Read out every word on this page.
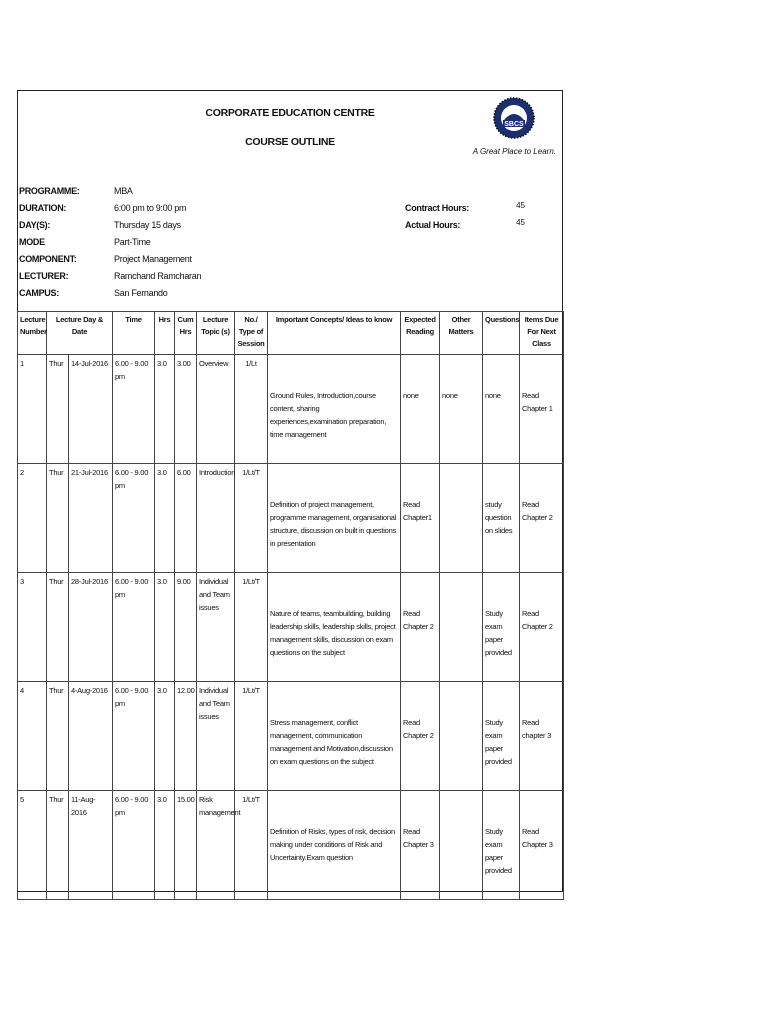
CORPORATE EDUCATION CENTRE
COURSE OUTLINE
SBCS
A Great Place to Learn.
PROGRAMME:	MBA
DURATION:	6:00 pm to 9:00 pm
DAY(S):	Thursday 15 days
MODE	Part-Time
COMPONENT:	Project Management
LECTURER:	Ramchand Ramcharan
CAMPUS:	San Fernando
Contract Hours:	45
Actual Hours:	45
Lecture Number	Lecture Day & Date		Time	Hrs	Cum Hrs	Lecture Topic (s)	No./ Type of Session	Important Concepts/ Ideas to know	Expected Reading	Other Matters	Questions	Items Due For Next Class
1	Thur	14-Jul-2016	6.00 - 9.00 pm	3.0	3.00	Overview	1/Lt	Ground Rules, Introduction,course content, sharing experiences,examination preparation, time management	none	none	none	Read Chapter 1

2	Thur	21-Jul-2016	6.00 - 9.00 pm	3.0	6.00	Introduction	1/Lt/T	Definition of project management, programme management, organisational structure, discussion on built in questions in presentation	Read Chapter1		study question on slides	Read Chapter 2

3	Thur	28-Jul-2016	6.00 - 9.00 pm	3.0	9.00	Individual and Team issues	1/Lt/T	Nature of teams, teambuilding, building leadership skills, leadership skills, project management skills, discussion on exam questions on the subject	Read Chapter 2		Study exam paper provided	Read Chapter 2

4	Thur	4-Aug-2016	6.00 - 9.00 pm	3.0	12.00	Individual and Team issues	1/Lt/T	Stress management, conflict management, communication management and Motivation,discussion on exam questions on the subject	Read Chapter 2		Study exam paper provided	Read chapter 3

5	Thur	11-Aug-2016	6.00 - 9.00 pm	3.0	15.00	Risk management	1/Lt/T	Definition of Risks, types of risk, decision making under conditions of Risk and Uncertainty.Exam question	Read Chapter 3		Study exam paper provided	Read Chapter 3
